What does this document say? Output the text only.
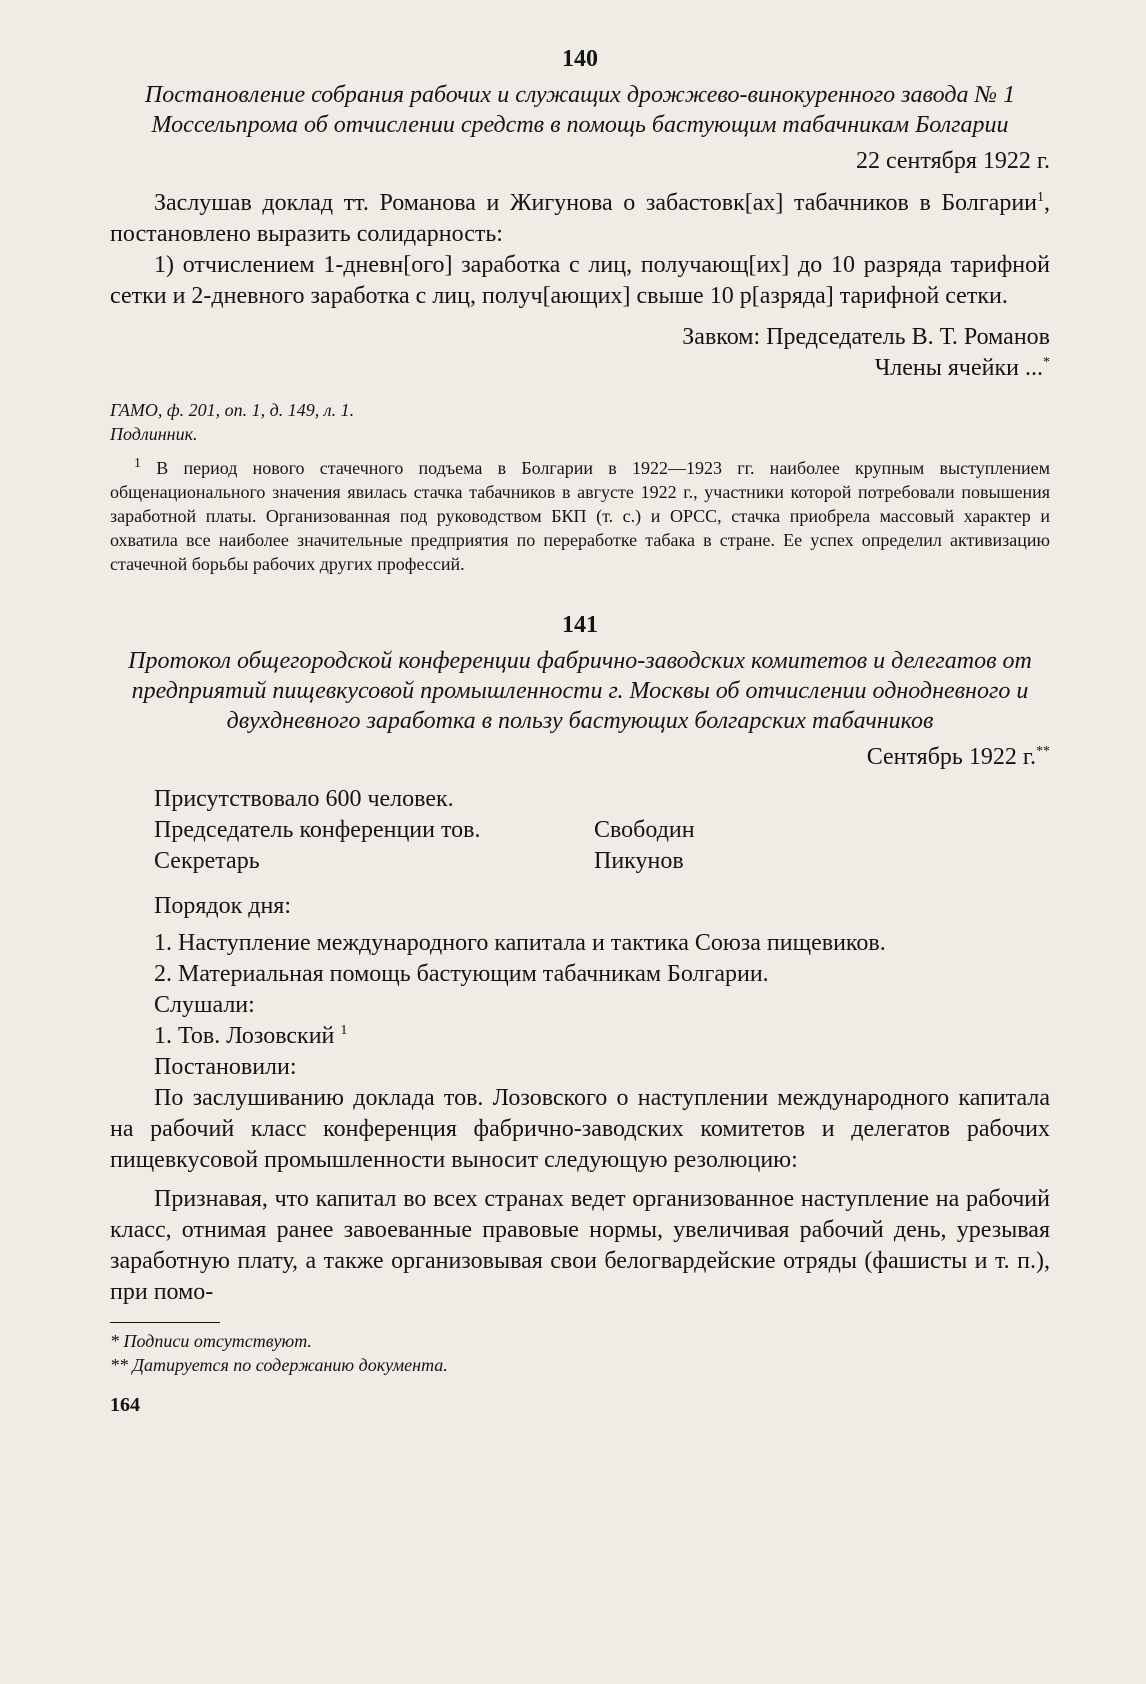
140
Постановление собрания рабочих и служащих дрожжево-винокуренного завода № 1 Моссельпрома об отчислении средств в помощь бастующим табачникам Болгарии
22 сентября 1922 г.

Заслушав доклад тт. Романова и Жигунова о забастовк[ах] табачников в Болгарии$^1$, постановлено выразить солидарность:

1) отчислением 1-дневн[ого] заработка с лиц, получающ[их] до 10 разряда тарифной сетки и 2-дневного заработка с лиц, получ[ающих] свыше 10 р[азряда] тарифной сетки.

Завком: Председатель В. Т. Романов
Члены ячейки ...*
ГАМО, ф. 201, оп. 1, д. 149, л. 1.
Подлинник.

$^1$ В период нового стачечного подъема в Болгарии в 1922—1923 гг. наиболее крупным выступлением общенационального значения явилась стачка табачников в августе 1922 г., участники которой потребовали повышения заработной платы. Организованная под руководством БКП (т. с.) и ОРСС, стачка приобрела массовый характер и охватила все наиболее значительные предприятия по переработке табака в стране. Ее успех определил активизацию стачечной борьбы рабочих других профессий.

141
Протокол общегородской конференции фабрично-заводских комитетов и делегатов от предприятий пищевкусовой промышленности г. Москвы об отчислении однодневного и двухдневного заработка в пользу бастующих болгарских табачников
Сентябрь 1922 г.**
Присутствовало 600 человек.
Председатель конференции тов.	Свободин
Секретарь	Пикунов
Порядок дня:

1. Наступление международного капитала и тактика Союза пищевиков.

2. Материальная помощь бастующим табачникам Болгарии.
Слушали:
1. Тов. Лозовский $^1$
Постановили:

По заслушиванию доклада тов. Лозовского о наступлении международного капитала на рабочий класс конференция фабрично-заводских комитетов и делегатов рабочих пищевкусовой промышленности выносит следующую резолюцию:

Признавая, что капитал во всех странах ведет организованное наступление на рабочий класс, отнимая ранее завоеванные правовые нормы, увеличивая рабочий день, урезывая заработную плату, а также организовывая свои белогвардейские отряды (фашисты и т. п.), при помо-

* Подписи отсутствуют.
** Датируется по содержанию документа.
164
